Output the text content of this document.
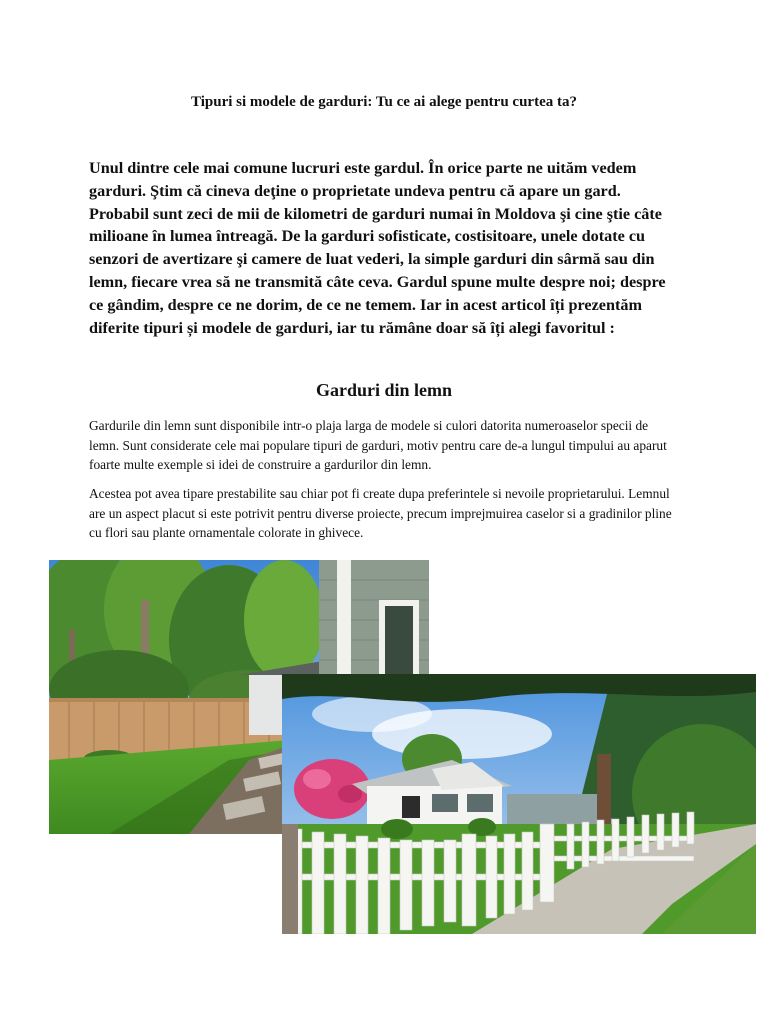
Tipuri si modele de garduri: Tu ce ai alege pentru curtea ta?

Unul dintre cele mai comune lucruri este gardul. În orice parte ne uităm vedem garduri. Ştim că cineva deţine o proprietate undeva pentru că apare un gard. Probabil sunt zeci de mii de kilometri de garduri numai în Moldova şi cine ştie câte milioane în lumea întreagă. De la garduri sofisticate, costisitoare, unele dotate cu senzori de avertizare şi camere de luat vederi, la simple garduri din sârmă sau din lemn, fiecare vrea să ne transmită câte ceva. Gardul spune multe despre noi; despre ce gândim, despre ce ne dorim, de ce ne temem. Iar in acest articol îți prezentăm diferite tipuri și modele de garduri, iar tu rămâne doar să îți alegi favoritul :

Garduri din lemn

Gardurile din lemn sunt disponibile intr-o plaja larga de modele si culori datorita numeroaselor specii de lemn. Sunt considerate cele mai populare tipuri de garduri, motiv pentru care de-a lungul timpului au aparut foarte multe exemple si idei de construire a gardurilor din lemn.

Acestea pot avea tipare prestabilite sau chiar pot fi create dupa preferintele si nevoile proprietarului. Lemnul are un aspect placut si este potrivit pentru diverse proiecte, precum imprejmuirea caselor si a gradinilor pline cu flori sau plante ornamentale colorate in ghivece.
